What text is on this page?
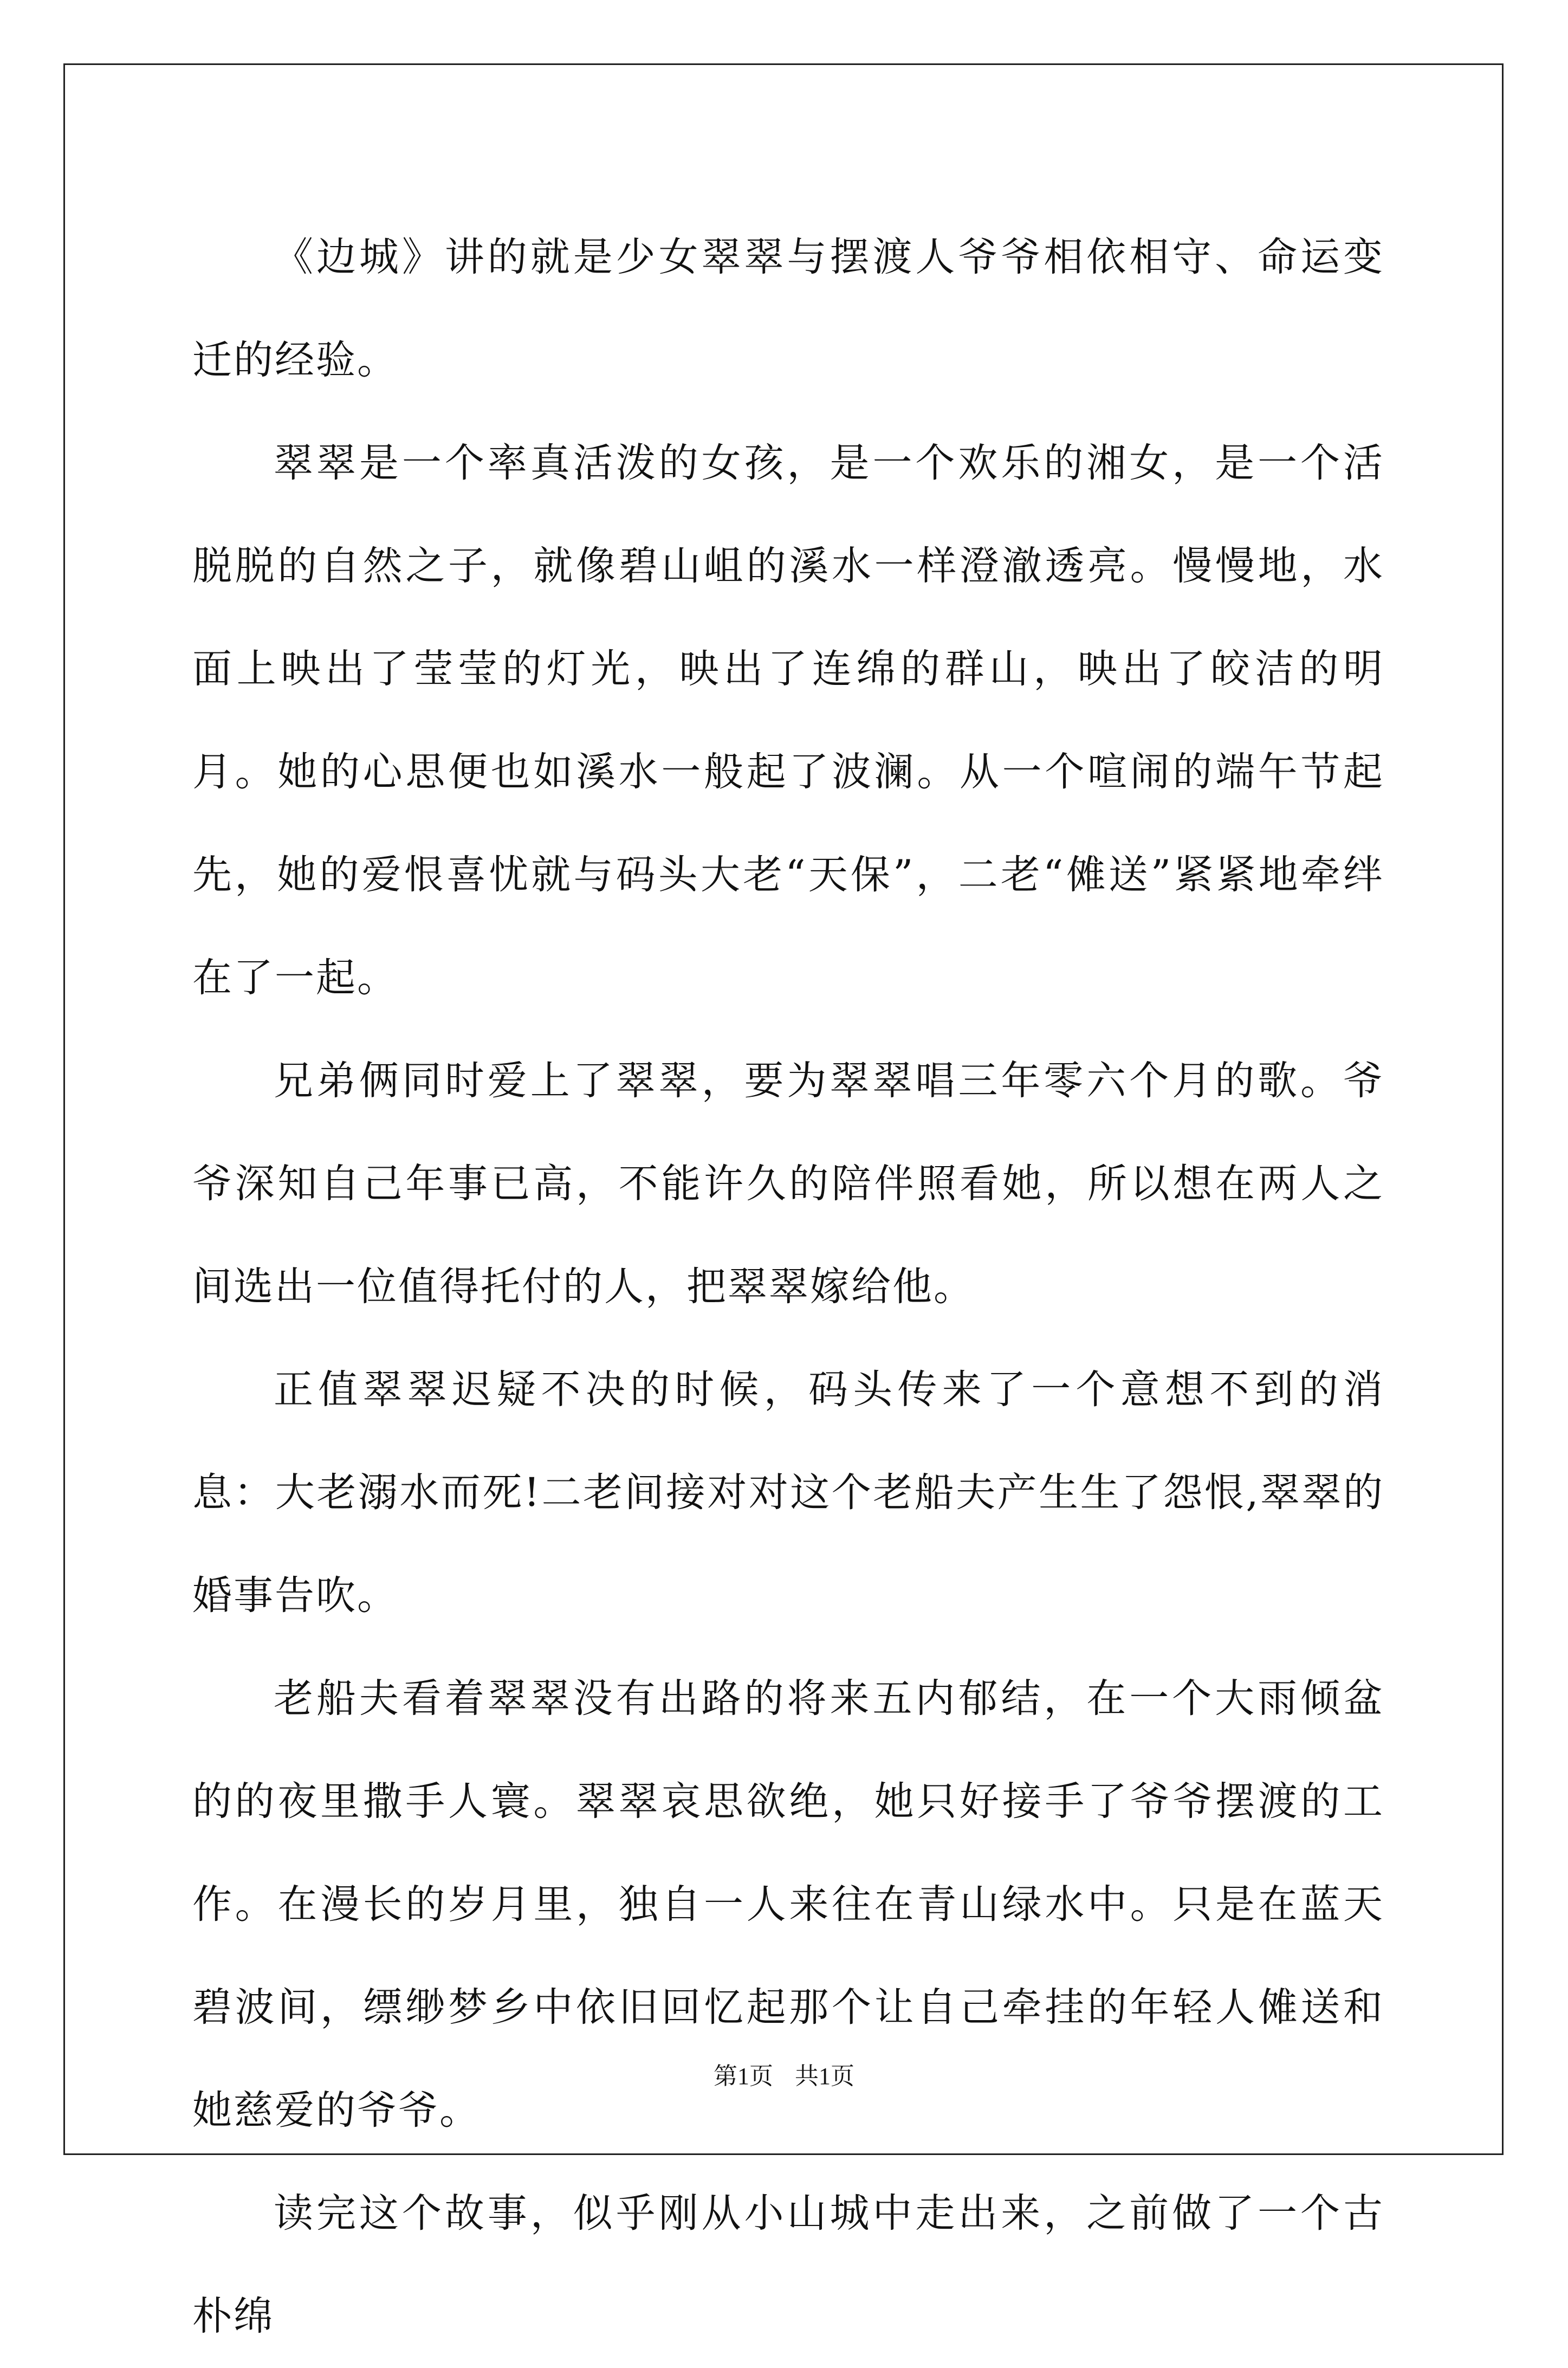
《边城》讲的就是少女翠翠与摆渡人爷爷相依相守、命运变迁的经验。

翠翠是一个率真活泼的女孩，是一个欢乐的湘女，是一个活脱脱的自然之子，就像碧山岨的溪水一样澄澈透亮。慢慢地，水面上映出了莹莹的灯光，映出了连绵的群山，映出了皎洁的明月。她的心思便也如溪水一般起了波澜。从一个喧闹的端午节起先，她的爱恨喜忧就与码头大老“天保”，二老“傩送”紧紧地牵绊在了一起。

兄弟俩同时爱上了翠翠，要为翠翠唱三年零六个月的歌。爷爷深知自己年事已高，不能许久的陪伴照看她，所以想在两人之间选出一位值得托付的人，把翠翠嫁给他。

正值翠翠迟疑不决的时候，码头传来了一个意想不到的消息：大老溺水而死!二老间接对对这个老船夫产生生了怨恨,翠翠的婚事告吹。

老船夫看着翠翠没有出路的将来五内郁结，在一个大雨倾盆的的夜里撒手人寰。翠翠哀思欲绝，她只好接手了爷爷摆渡的工作。在漫长的岁月里，独自一人来往在青山绿水中。只是在蓝天碧波间，缥缈梦乡中依旧回忆起那个让自己牵挂的年轻人傩送和她慈爱的爷爷。

读完这个故事，似乎刚从小山城中走出来，之前做了一个古朴绵

第1页 共1页
